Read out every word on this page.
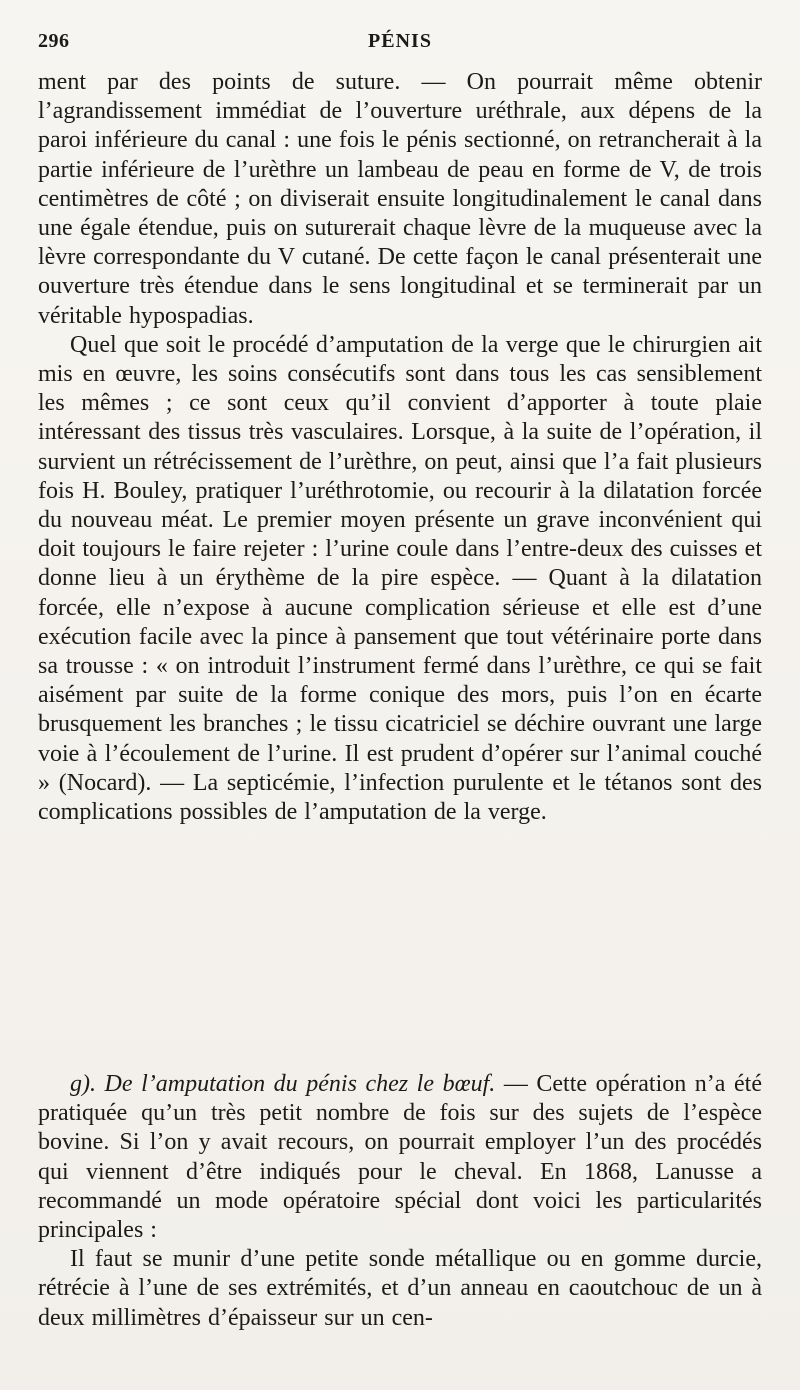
296	PÉNIS

ment par des points de suture. — On pourrait même obtenir l’agrandissement immédiat de l’ouverture uréthrale, aux dépens de la paroi inférieure du canal : une fois le pénis sectionné, on retrancherait à la partie inférieure de l’urèthre un lambeau de peau en forme de V, de trois centimètres de côté ; on diviserait ensuite longitudinalement le canal dans une égale étendue, puis on suturerait chaque lèvre de la muqueuse avec la lèvre correspondante du V cutané. De cette façon le canal présenterait une ouverture très étendue dans le sens longitudinal et se terminerait par un véritable hypospadias.

Quel que soit le procédé d’amputation de la verge que le chirurgien ait mis en œuvre, les soins consécutifs sont dans tous les cas sensiblement les mêmes ; ce sont ceux qu’il convient d’apporter à toute plaie intéressant des tissus très vasculaires. Lorsque, à la suite de l’opération, il survient un rétrécissement de l’urèthre, on peut, ainsi que l’a fait plusieurs fois H. Bouley, pratiquer l’uréthrotomie, ou recourir à la dilatation forcée du nouveau méat. Le premier moyen présente un grave inconvénient qui doit toujours le faire rejeter : l’urine coule dans l’entre-deux des cuisses et donne lieu à un érythème de la pire espèce. — Quant à la dilatation forcée, elle n’expose à aucune complication sérieuse et elle est d’une exécution facile avec la pince à pansement que tout vétérinaire porte dans sa trousse : « on introduit l’instrument fermé dans l’urèthre, ce qui se fait aisément par suite de la forme conique des mors, puis l’on en écarte brusquement les branches ; le tissu cicatriciel se déchire ouvrant une large voie à l’écoulement de l’urine. Il est prudent d’opérer sur l’animal couché » (Nocard). — La septicémie, l’infection purulente et le tétanos sont des complications possibles de l’amputation de la verge.

g). De l’amputation du pénis chez le bœuf. — Cette opération n’a été pratiquée qu’un très petit nombre de fois sur des sujets de l’espèce bovine. Si l’on y avait recours, on pourrait employer l’un des procédés qui viennent d’être indiqués pour le cheval. En 1868, Lanusse a recommandé un mode opératoire spécial dont voici les particularités principales :

Il faut se munir d’une petite sonde métallique ou en gomme durcie, rétrécie à l’une de ses extrémités, et d’un anneau en caoutchouc de un à deux millimètres d’épaisseur sur un cen-
